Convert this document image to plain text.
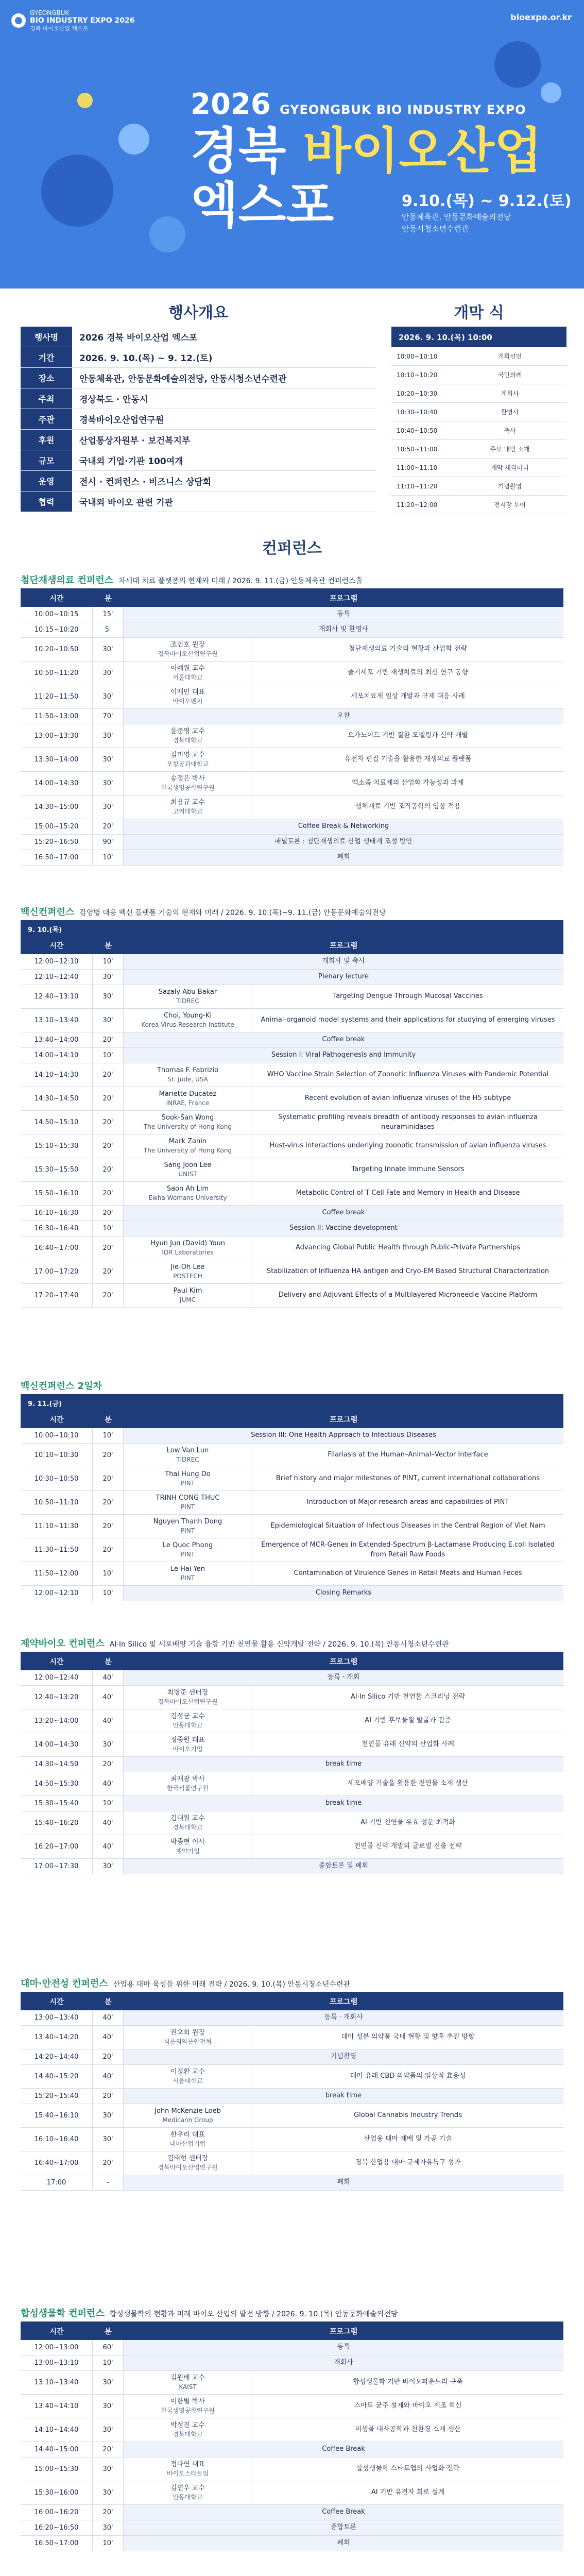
GYEONGBUK
BIO INDUSTRY EXPO 2026
경북 바이오산업 엑스포
bioexpo.or.kr
2026 GYEONGBUK BIO INDUSTRY EXPO
경북 바이오산업
엑스포	9.10.(목) ~ 9.12.(토)
안동체육관, 안동문화예술의전당
안동시청소년수련관
행사개요
행사명	2026 경북 바이오산업 엑스포
기간	2026. 9. 10.(목) ~ 9. 12.(토)
장소	안동체육관, 안동문화예술의전당, 안동시청소년수련관
주최	경상북도 · 안동시
주관	경북바이오산업연구원
후원	산업통상자원부 · 보건복지부
규모	국내외 기업·기관 100여개
운영	전시 · 컨퍼런스 · 비즈니스 상담회
협력	국내외 바이오 관련 기관
개막 식
2026. 9. 10.(목) 10:00
10:00~10:10	개회선언
10:10~10:20	국민의례
10:20~10:30	개회사
10:30~10:40	환영사
10:40~10:50	축사
10:50~11:00	주요 내빈 소개
11:00~11:10	개막 세리머니
11:10~11:20	기념촬영
11:20~12:00	전시장 투어
컨퍼런스
첨단재생의료 컨퍼런스 차세대 치료 플랫폼의 현재와 미래 / 2026. 9. 11.(금) 안동체육관 컨퍼런스홀
시간	분	프로그램
10:00~10:15	15'	등록
10:15~10:20	5'	개회사 및 환영사
10:20~10:50	30'
조인호 원장
경북바이오산업연구원
첨단재생의료 기술의 현황과 산업화 전략
10:50~11:20	30'
이예원 교수
서울대학교
줄기세포 기반 재생치료의 최신 연구 동향
11:20~11:50	30'
이재민 대표
바이오벤처
세포치료제 임상 개발과 규제 대응 사례
11:50~13:00	70'	오찬
13:00~13:30	30'
윤준영 교수
경북대학교
오가노이드 기반 질환 모델링과 신약 개발
13:30~14:00	30'
김미영 교수
포항공과대학교
유전자 편집 기술을 활용한 재생의료 플랫폼
14:00~14:30	30'
송정은 박사
한국생명공학연구원
엑소좀 치료제의 산업화 가능성과 과제
14:30~15:00	30'
최용규 교수
고려대학교
생체재료 기반 조직공학의 임상 적용
15:00~15:20	20'	Coffee Break & Networking
15:20~16:50	90'	패널토론 : 첨단재생의료 산업 생태계 조성 방안
16:50~17:00	10'	폐회
백신컨퍼런스 감염병 대응 백신 플랫폼 기술의 현재와 미래 / 2026. 9. 10.(목)~9. 11.(금) 안동문화예술의전당
9. 10.(목)
시간	분	프로그램
12:00~12:10	10'	개회사 및 축사
12:10~12:40	30'	Plenary lecture
12:40~13:10	30'
Sazaly Abu Bakar
TIDREC
Targeting Dengue Through Mucosal Vaccines
13:10~13:40	30'
Choi, Young-Ki
Korea Virus Research Institute
Animal-organoid model systems and their applications for studying of emerging viruses
13:40~14:00	20'	Coffee break
14:00~14:10	10'	Session I: Viral Pathogenesis and Immunity
14:10~14:30	20'
Thomas F. Fabrizio
St. Jude, USA
WHO Vaccine Strain Selection of Zoonotic Influenza Viruses with Pandemic Potential
14:30~14:50	20'
Mariette Ducatez
INRAE, France
Recent evolution of avian influenza viruses of the H5 subtype
14:50~15:10	20'
Sook-San Wong
The University of Hong Kong
Systematic profiling reveals breadth of antibody responses to avian influenza neuraminidases
15:10~15:30	20'
Mark Zanin
The University of Hong Kong
Host-virus interactions underlying zoonotic transmission of avian influenza viruses
15:30~15:50	20'
Sang Joon Lee
UNIST
Targeting Innate Immune Sensors
15:50~16:10	20'
Saon Ah Lim
Ewha Womans University
Metabolic Control of T Cell Fate and Memory in Health and Disease
16:10~16:30	20'	Coffee break
16:30~16:40	10'	Session II: Vaccine development
16:40~17:00	20'
Hyun Jun (David) Youn
IDR Laboratories
Advancing Global Public Health through Public-Private Partnerships
17:00~17:20	20'
Jie-Oh Lee
POSTECH
Stabilization of Influenza HA antigen and Cryo-EM Based Structural Characterization
17:20~17:40	20'
Paul Kim
JUMC
Delivery and Adjuvant Effects of a Multilayered Microneedle Vaccine Platform
백신컨퍼런스 2일차
9. 11.(금)
시간	분	프로그램
10:00~10:10	10'	Session III: One Health Approach to Infectious Diseases
10:10~10:30	20'
Low Van Lun
TIDREC
Filariasis at the Human–Animal–Vector Interface
10:30~10:50	20'
Thai Hung Do
PINT
Brief history and major milestones of PINT, current international collaborations
10:50~11:10	20'
TRINH CONG THUC
PINT
Introduction of Major research areas and capabilities of PINT
11:10~11:30	20'
Nguyen Thanh Dong
PINT
Epidemiological Situation of Infectious Diseases in the Central Region of Viet Nam
11:30~11:50	20'
Le Quoc Phong
PINT
Emergence of MCR-Genes in Extended-Spectrum β-Lactamase Producing E.coli Isolated from Retail Raw Foods
11:50~12:00	10'
Le Hai Yen
PINT
Contamination of Virulence Genes in Retail Meats and Human Feces
12:00~12:10	10'	Closing Remarks
제약바이오 컨퍼런스 AI·In Silico 및 세포배양 기술 융합 기반 천연물 활용 신약개발 전략 / 2026. 9. 10.(목) 안동시청소년수련관
시간	분	프로그램
12:00~12:40	40'	등록 · 개회
12:40~13:20	40'
최병준 센터장
경북바이오산업연구원
AI·In Silico 기반 천연물 스크리닝 전략
13:20~14:00	40'
김성균 교수
안동대학교
AI 기반 후보물질 발굴과 검증
14:00~14:30	30'
정중원 대표
바이오기업
천연물 유래 신약의 산업화 사례
14:30~14:50	20'	break time
14:50~15:30	40'
최재광 박사
한국식품연구원
세포배양 기술을 활용한 천연물 소재 생산
15:30~15:40	10'	break time
15:40~16:20	40'
김대원 교수
경북대학교
AI 기반 천연물 유효 성분 최적화
16:20~17:00	40'
박종현 이사
제약기업
천연물 신약 개발의 글로벌 진출 전략
17:00~17:30	30'	종합토론 및 폐회
대마·안전성 컨퍼런스 산업용 대마 육성을 위한 미래 전략 / 2026. 9. 10.(목) 안동시청소년수련관
시간	분	프로그램
13:00~13:40	40'	등록 · 개회사
13:40~14:20	40'
권오희 원장
식품의약품안전처
대마 성분 의약품 국내 현황 및 향후 추진 방향
14:20~14:40	20'	기념촬영
14:40~15:20	40'
이정환 교수
서울대학교
대마 유래 CBD 의약품의 임상적 효용성
15:20~15:40	20'	break time
15:40~16:10	30'
John McKenzie Loeb
Medicann Group
Global Cannabis Industry Trends
16:10~16:40	30'
한우리 대표
대마산업기업
산업용 대마 재배 및 가공 기술
16:40~17:00	20'
김태형 센터장
경북바이오산업연구원
경북 산업용 대마 규제자유특구 성과
17:00	-	폐회
합성생물학 컨퍼런스 합성생물학의 현황과 미래 바이오 산업의 발전 방향 / 2026. 9. 10.(목) 안동문화예술의전당
시간	분	프로그램
12:00~13:00	60'	등록
13:00~13:10	10'	개회사
13:10~13:40	30'
김원배 교수
KAIST
합성생물학 기반 바이오파운드리 구축
13:40~14:10	30'
이한별 박사
한국생명공학연구원
스마트 균주 설계와 바이오 제조 혁신
14:10~14:40	30'
박성진 교수
경북대학교
미생물 대사공학과 친환경 소재 생산
14:40~15:00	20'	Coffee Break
15:00~15:30	30'
정다연 대표
바이오스타트업
합성생물학 스타트업의 사업화 전략
15:30~16:00	30'
김연우 교수
안동대학교
AI 기반 유전자 회로 설계
16:00~16:20	20'	Coffee Break
16:20~16:50	30'	종합토론
16:50~17:00	10'	폐회
